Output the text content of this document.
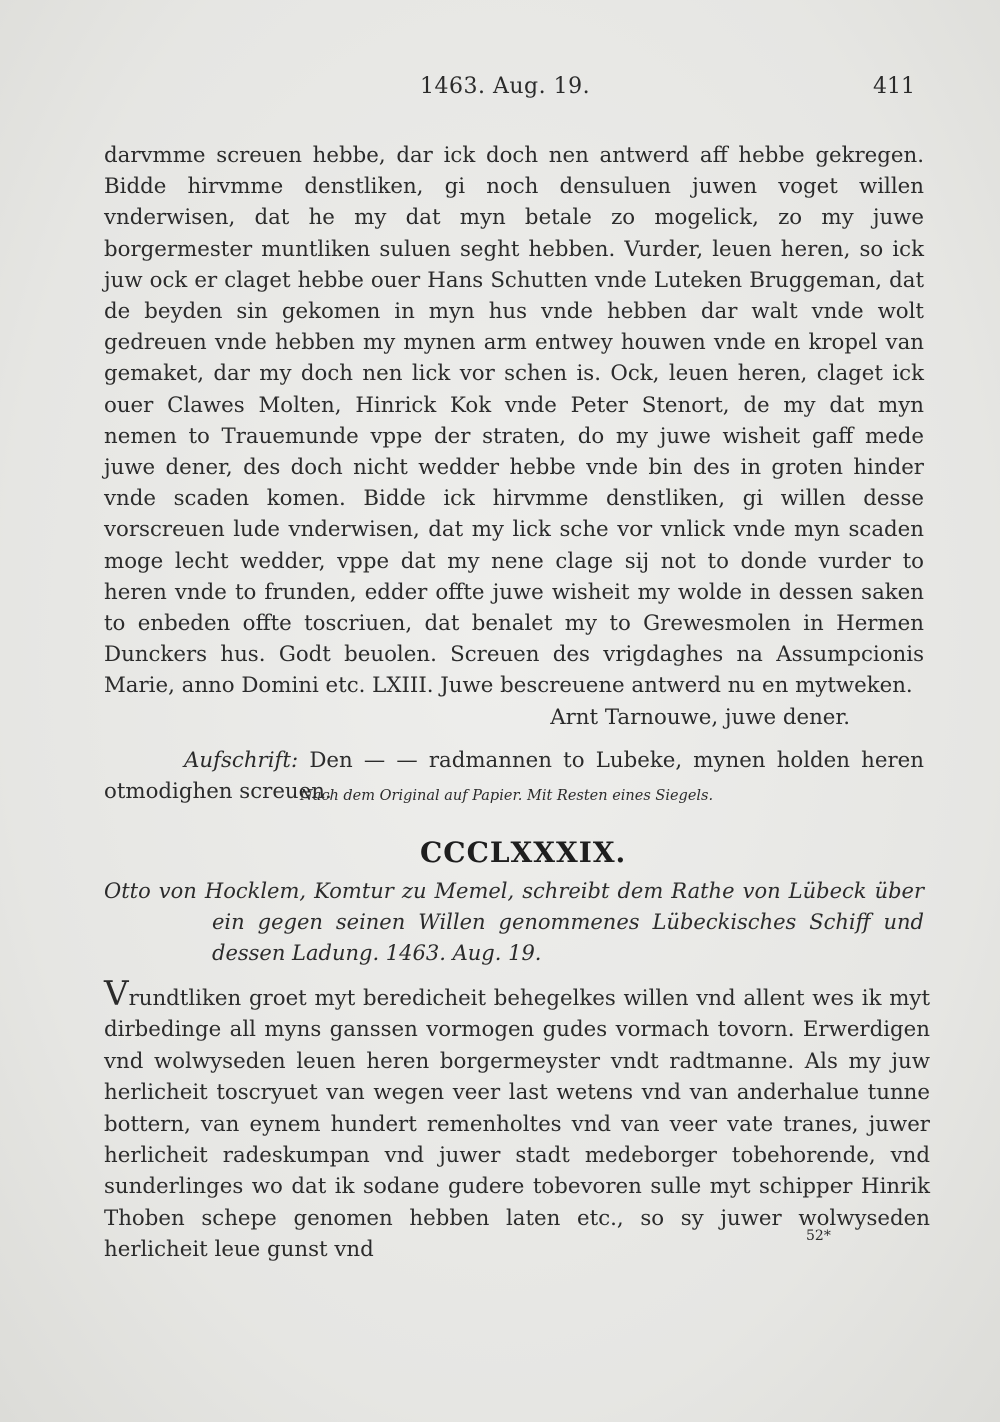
1463. Aug. 19.	411

darvmme screuen hebbe, dar ick doch nen antwerd aff hebbe gekregen. Bidde hirvmme denstliken, gi noch densuluen juwen voget willen vnderwisen, dat he my dat myn betale zo mogelick, zo my juwe borgermester muntliken suluen seght hebben. Vurder, leuen heren, so ick juw ock er claget hebbe ouer Hans Schutten vnde Luteken Bruggeman, dat de beyden sin gekomen in myn hus vnde hebben dar walt vnde wolt gedreuen vnde hebben my mynen arm entwey houwen vnde en kropel van gemaket, dar my doch nen lick vor schen is. Ock, leuen heren, claget ick ouer Clawes Molten, Hinrick Kok vnde Peter Stenort, de my dat myn nemen to Trauemunde vppe der straten, do my juwe wisheit gaff mede juwe dener, des doch nicht wedder hebbe vnde bin des in groten hinder vnde scaden komen. Bidde ick hirvmme denstliken, gi willen desse vorscreuen lude vnderwisen, dat my lick sche vor vnlick vnde myn scaden moge lecht wedder, vppe dat my nene clage sij not to donde vurder to heren vnde to frunden, edder offte juwe wisheit my wolde in dessen saken to enbeden offte toscriuen, dat benalet my to Grewesmolen in Hermen Dunckers hus. Godt beuolen. Screuen des vrigdaghes na Assumpcionis Marie, anno Domini etc. LXIII. Juwe bescreuene antwerd nu en mytweken.

Arnt Tarnouwe, juwe dener.

Aufschrift: Den — — radmannen to Lubeke, mynen holden heren otmodighen screuen.

Nach dem Original auf Papier. Mit Resten eines Siegels.
CCCLXXXIX.
Otto von Hocklem, Komtur zu Memel, schreibt dem Rathe von Lübeck über ein gegen seinen Willen genommenes Lübeckisches Schiff und dessen Ladung. 1463. Aug. 19.

Vrundtliken groet myt beredicheit behegelkes willen vnd allent wes ik myt dirbedinge all myns ganssen vormogen gudes vormach tovorn. Erwerdigen vnd wolwyseden leuen heren borgermeyster vndt radtmanne. Als my juw herlicheit toscryuet van wegen veer last wetens vnd van anderhalue tunne bottern, van eynem hundert remenholtes vnd van veer vate tranes, juwer herlicheit radeskumpan vnd juwer stadt medeborger tobehorende, vnd sunderlinges wo dat ik sodane gudere tobevoren sulle myt schipper Hinrik Thoben schepe genomen hebben laten etc., so sy juwer wolwyseden herlicheit leue gunst vnd

52*
